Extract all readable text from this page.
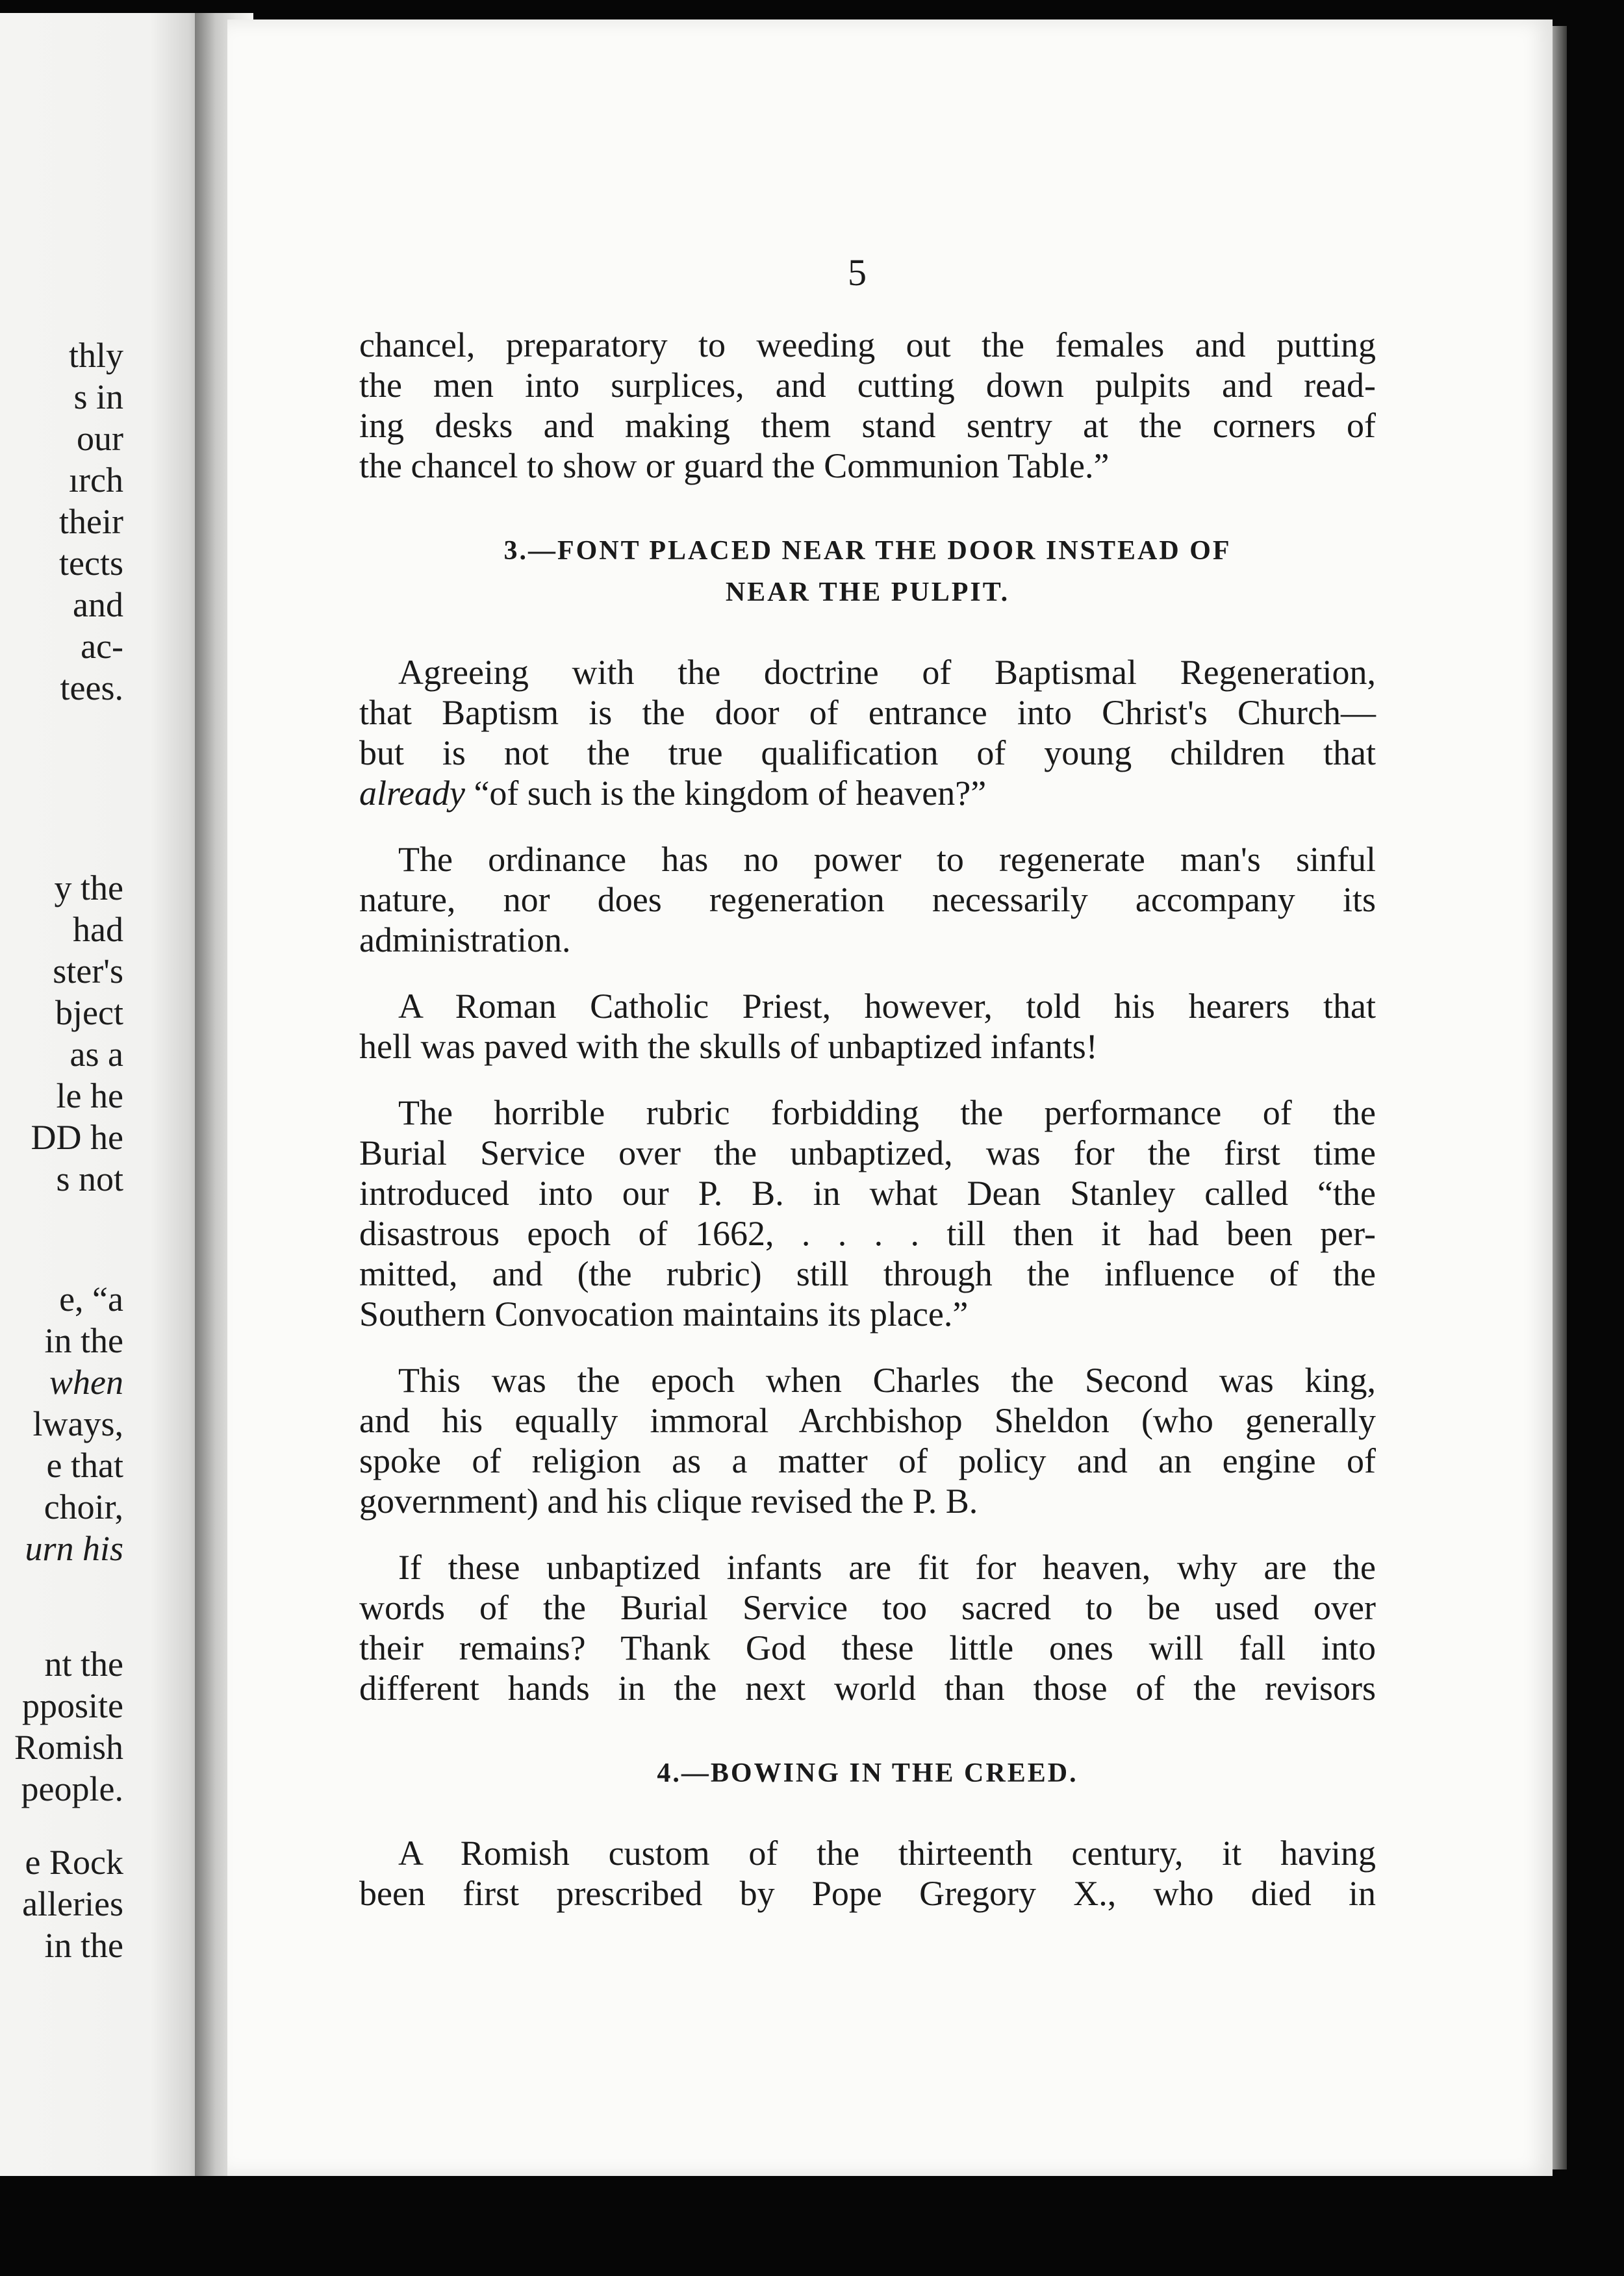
thly
s in
our
ırch
their
tects
and
ac-
tees.
y the
had
ster's
bject
as a
le he
DD he
s not
e, “a
in the
when
lways,
e that
choir,
urn his
nt the
pposite
Romish
people.
e Rock
alleries
in the
5

chancel, preparatory to weeding out the females and putting

the men into surplices, and cutting down pulpits and read-

ing desks and making them stand sentry at the corners of

the chancel to show or guard the Communion Table.”

3.—FONT PLACED NEAR THE DOOR INSTEAD OF
NEAR THE PULPIT.

Agreeing with the doctrine of Baptismal Regeneration,

that Baptism is the door of entrance into Christ's Church—

but is not the true qualification of young children that

already “of such is the kingdom of heaven?”

The ordinance has no power to regenerate man's sinful

nature, nor does regeneration necessarily accompany its

administration.

A Roman Catholic Priest, however, told his hearers that

hell was paved with the skulls of unbaptized infants!

The horrible rubric forbidding the performance of the

Burial Service over the unbaptized, was for the first time

introduced into our P. B. in what Dean Stanley called “the

disastrous epoch of 1662, . . . . till then it had been per-

mitted, and (the rubric) still through the influence of the

Southern Convocation maintains its place.”

This was the epoch when Charles the Second was king,

and his equally immoral Archbishop Sheldon (who generally

spoke of religion as a matter of policy and an engine of

government) and his clique revised the P. B.

If these unbaptized infants are fit for heaven, why are the

words of the Burial Service too sacred to be used over

their remains? Thank God these little ones will fall into

different hands in the next world than those of the revisors

4.—BOWING IN THE CREED.

A Romish custom of the thirteenth century, it having

been first prescribed by Pope Gregory X., who died in
